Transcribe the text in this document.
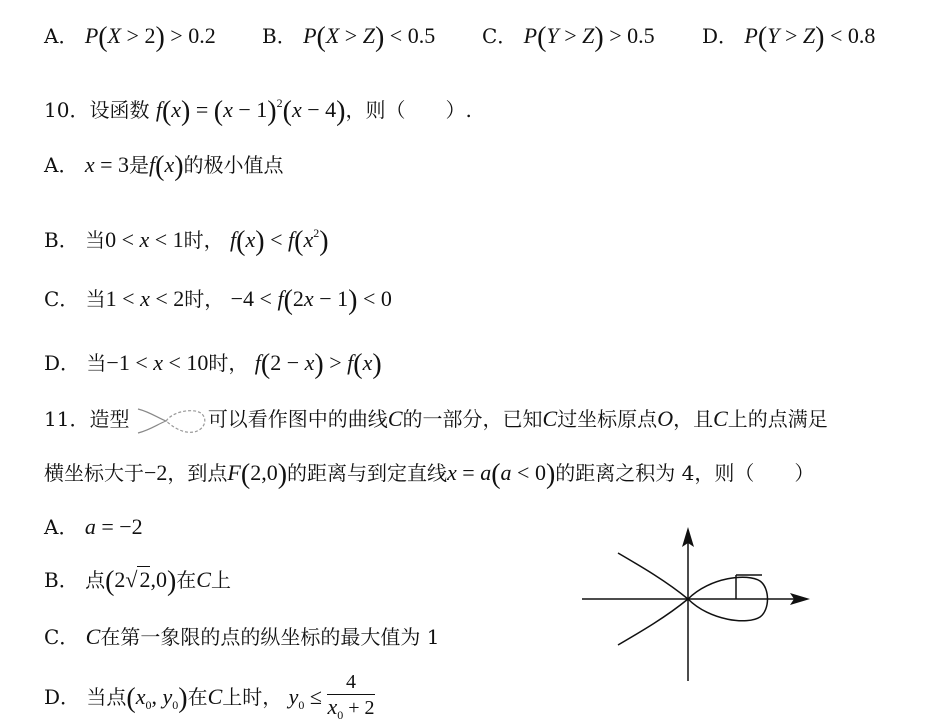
A． P(X > 2) > 0.2 B． P(X > Z) < 0.5 C． P(Y > Z) > 0.5 D． P(Y > Z) < 0.8
10．设函数 $f(x) = (x - 1)^2(x - 4)$，则（　　）.
A． x = 3是f(x)的极小值点
B． 当0 < x < 1时， $f(x) < f(x^2)$
C． 当1 < x < 2时， −4 < f(2x − 1) < 0
D． 当−1 < x < 10时， f(2 − x) > f(x)
11．造型	可以看作图中的曲线C的一部分，已知C过坐标原点O，且C上的点满足
横坐标大于−2，到点F(2,0)的距离与到定直线x = a(a < 0)的距离之积为 4，则（　　）
A． a = −2
B． 点(2√2,0)在C上
C． C在第一象限的点的纵坐标的最大值为 1
D． 当点($x_0$, $y_0$)在C上时， $y_0 \le \frac{4}{x_0 + 2}$
